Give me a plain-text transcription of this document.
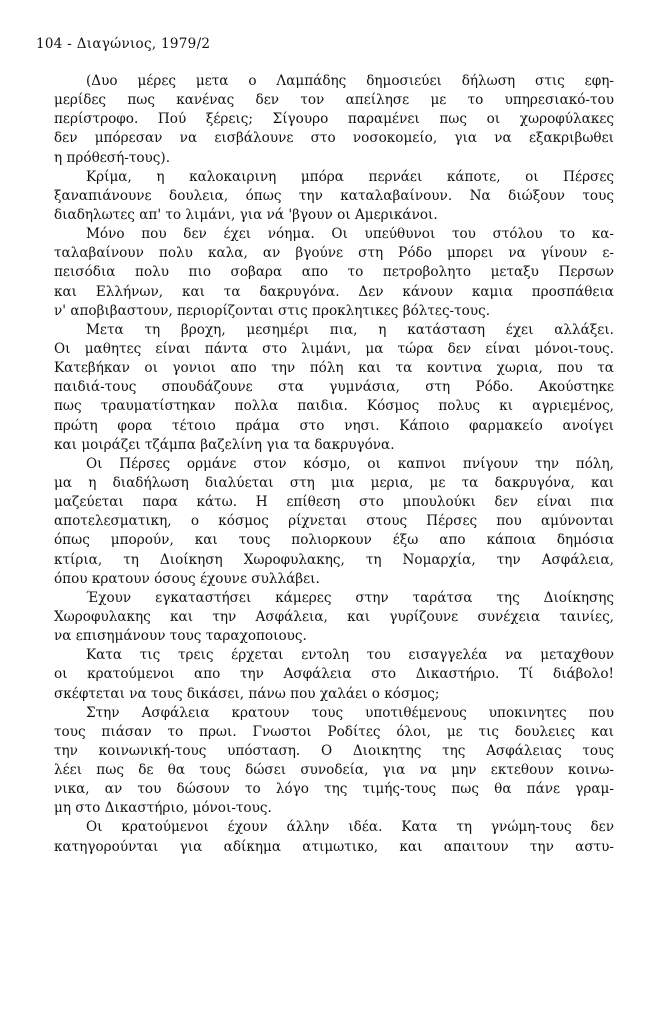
104 - Διαγώνιος, 1979/2
(Δυο μέρες μετα ο Λαμπάδης δημοσιεύει δήλωση στις εφη-
μερίδες πως κανένας δεν τον απείλησε με το υπηρεσιακό-του
περίστροφο. Πού ξέρεις; Σίγουρο παραμένει πως οι χωροφύλακες
δεν μπόρεσαν να εισβάλουνε στο νοσοκομείο, για να εξακριβωθει
η πρόθεσή-τους).
Κρίμα, η καλοκαιρινη μπόρα περνάει κάποτε, οι Πέρσες
ξαναπιάνουνε δουλεια, όπως την καταλαβαίνουν. Να διώξουν τους
διαδηλωτες απ' το λιμάνι, για νά 'βγουν οι Αμερικάνοι.
Μόνο που δεν έχει νόημα. Οι υπεύθυνοι του στόλου το κα-
ταλαβαίνουν πολυ καλα, αν βγούνε στη Ρόδο μπορει να γίνουν ε-
πεισόδια πολυ πιο σοβαρα απο το πετροβολητο μεταξυ Περσων
και Ελλήνων, και τα δακρυγόνα. Δεν κάνουν καμια προσπάθεια
ν' αποβιβαστουν, περιορίζονται στις προκλητικες βόλτες-τους.
Μετα τη βροχη, μεσημέρι πια, η κατάσταση έχει αλλάξει.
Οι μαθητες είναι πάντα στο λιμάνι, μα τώρα δεν είναι μόνοι-τους.
Κατεβήκαν οι γονιοι απο την πόλη και τα κοντινα χωρια, που τα
παιδιά-τους σπουδάζουνε στα γυμνάσια, στη Ρόδο. Ακούστηκε
πως τραυματίστηκαν πολλα παιδια. Κόσμος πολυς κι αγριεμένος,
πρώτη φορα τέτοιο πράμα στο νησι. Κάποιο φαρμακείο ανοίγει
και μοιράζει τζάμπα βαζελίνη για τα δακρυγόνα.
Οι Πέρσες ορμάνε στον κόσμο, οι καπνοι πνίγουν την πόλη,
μα η διαδήλωση διαλύεται στη μια μερια, με τα δακρυγόνα, και
μαζεύεται παρα κάτω. Η επίθεση στο μπουλούκι δεν είναι πια
αποτελεσματικη, ο κόσμος ρίχνεται στους Πέρσες που αμύνονται
όπως μπορούν, και τους πολιορκουν έξω απο κάποια δημόσια
κτίρια, τη Διοίκηση Χωροφυλακης, τη Νομαρχία, την Ασφάλεια,
όπου κρατουν όσους έχουνε συλλάβει.
Έχουν εγκαταστήσει κάμερες στην ταράτσα της Διοίκησης
Χωροφυλακης και την Ασφάλεια, και γυρίζουνε συνέχεια ταινίες,
να επισημάνουν τους ταραχοποιους.
Κατα τις τρεις έρχεται εντολη του εισαγγελέα να μεταχθουν
οι κρατούμενοι απο την Ασφάλεια στο Δικαστήριο. Τί διάβολο!
σκέφτεται να τους δικάσει, πάνω που χαλάει ο κόσμος;
Στην Ασφάλεια κρατουν τους υποτιθέμενους υποκινητες που
τους πιάσαν το πρωι. Γνωστοι Ροδίτες όλοι, με τις δουλειες και
την κοινωνική-τους υπόσταση. Ο Διοικητης της Ασφάλειας τους
λέει πως δε θα τους δώσει συνοδεία, για να μην εκτεθουν κοινω-
νικα, αν του δώσουν το λόγο της τιμής-τους πως θα πάνε γραμ-
μη στο Δικαστήριο, μόνοι-τους.
Οι κρατούμενοι έχουν άλλην ιδέα. Κατα τη γνώμη-τους δεν
κατηγορούνται για αδίκημα ατιμωτικο, και απαιτουν την αστυ-
